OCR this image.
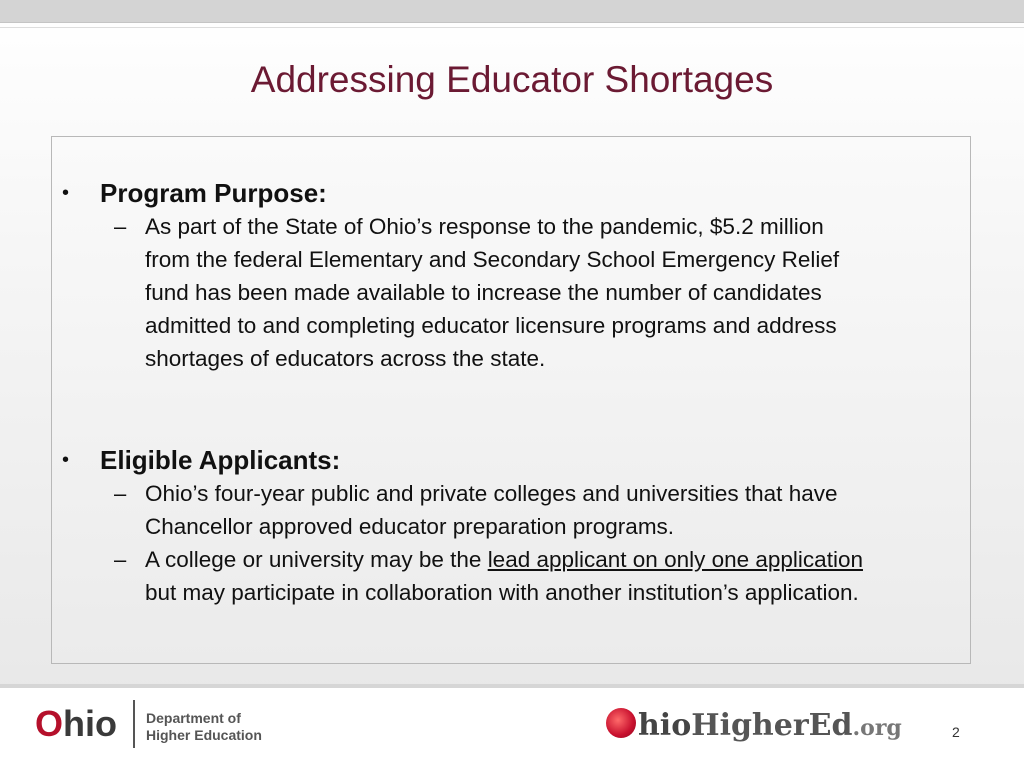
Addressing Educator Shortages
• Program Purpose:
– As part of the State of Ohio’s response to the pandemic, $5.2 million
from the federal Elementary and Secondary School Emergency Relief
fund has been made available to increase the number of candidates
admitted to and completing educator licensure programs and address
shortages of educators across the state.
• Eligible Applicants:
– Ohio’s four-year public and private colleges and universities that have
Chancellor approved educator preparation programs.
– A college or university may be the lead applicant on only one application
but may participate in collaboration with another institution’s application.
Ohio Department of
Higher Education	hioHigherEd.org	2
